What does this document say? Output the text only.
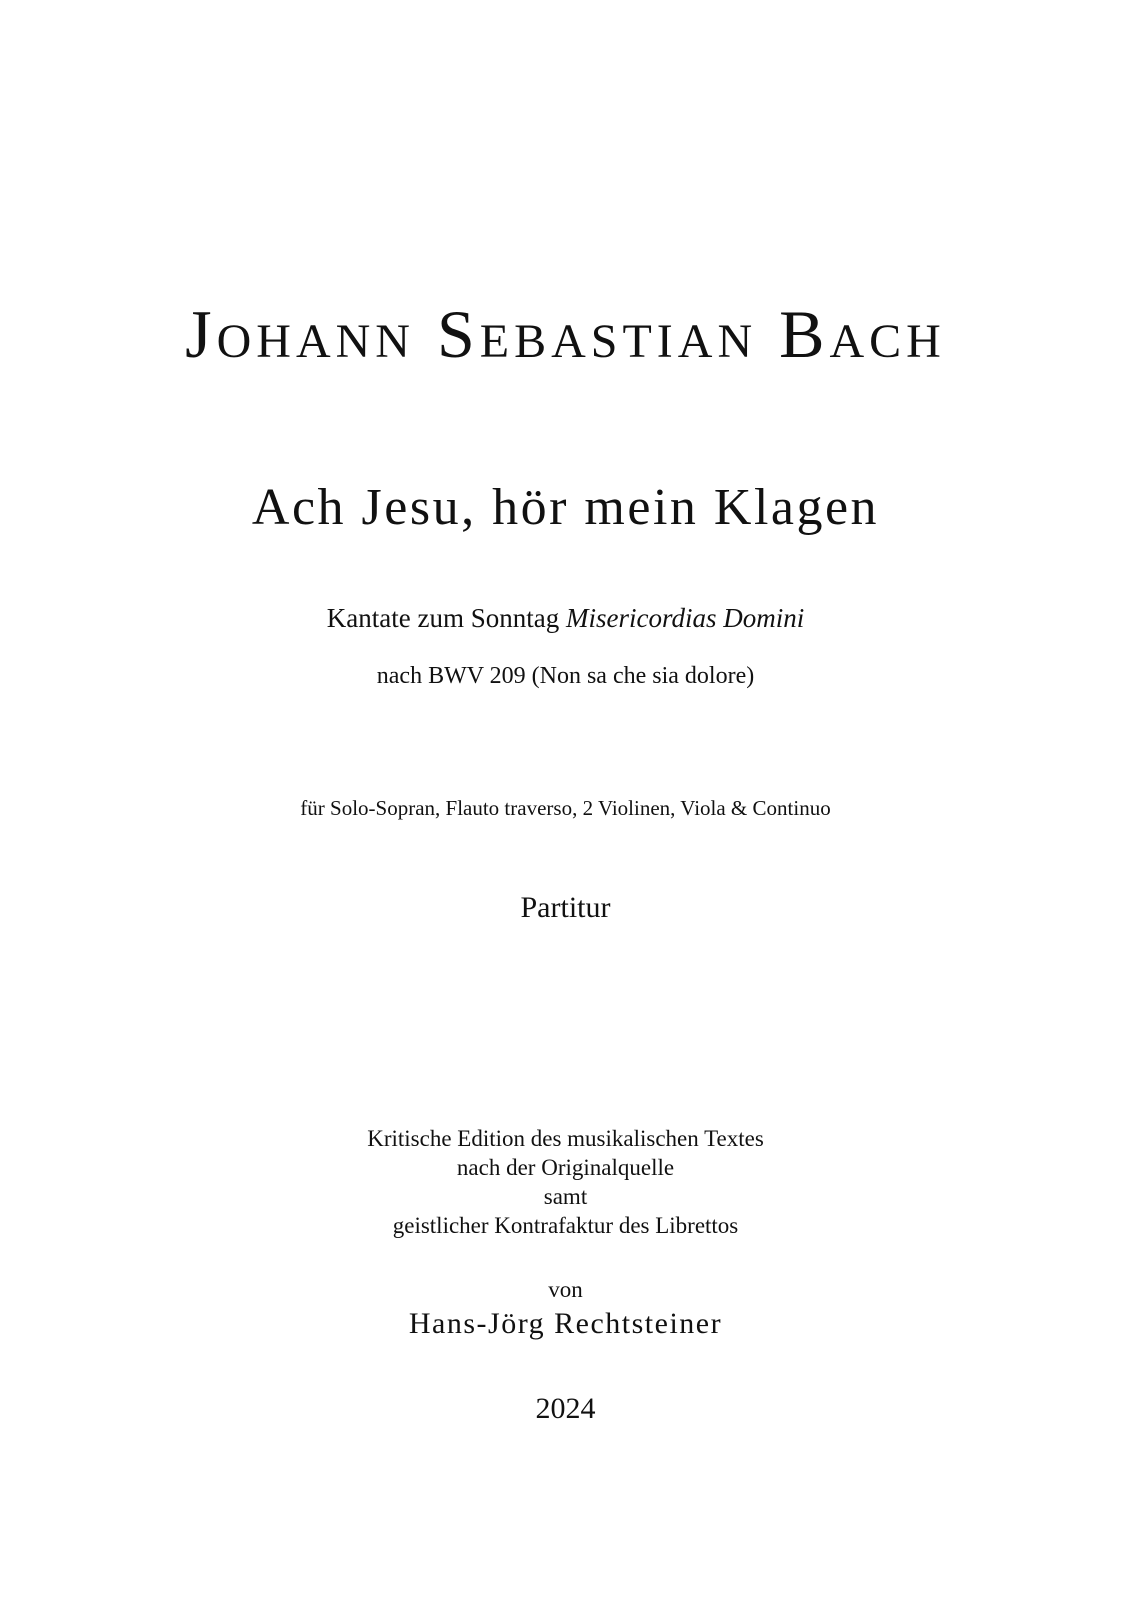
Johann Sebastian Bach
Ach Jesu, hör mein Klagen
Kantate zum Sonntag Misericordias Domini
nach BWV 209 (Non sa che sia dolore)
für Solo-Sopran, Flauto traverso, 2 Violinen, Viola & Continuo
Partitur
Kritische Edition des musikalischen Textes
nach der Originalquelle
samt
geistlicher Kontrafaktur des Librettos
von
Hans-Jörg Rechtsteiner
2024
